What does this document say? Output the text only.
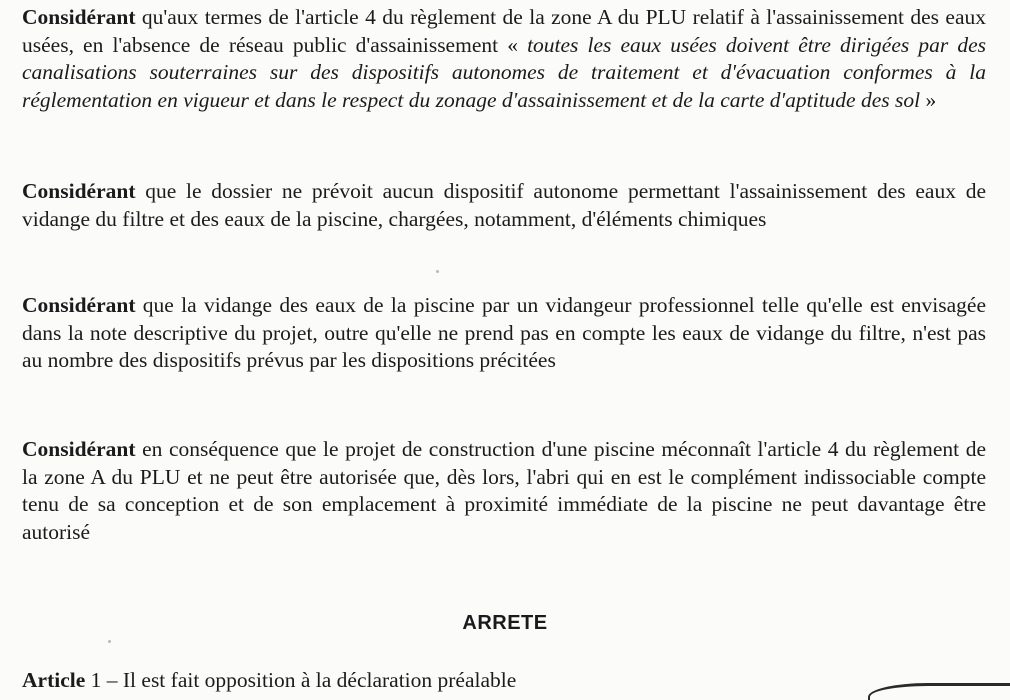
Considérant qu'aux termes de l'article 4 du règlement de la zone A du PLU relatif à l'assainissement des eaux usées, en l'absence de réseau public d'assainissement « toutes les eaux usées doivent être dirigées par des canalisations souterraines sur des dispositifs autonomes de traitement et d'évacuation conformes à la réglementation en vigueur et dans le respect du zonage d'assainissement et de la carte d'aptitude des sol »

Considérant que le dossier ne prévoit aucun dispositif autonome permettant l'assainissement des eaux de vidange du filtre et des eaux de la piscine, chargées, notamment, d'éléments chimiques

Considérant que la vidange des eaux de la piscine par un vidangeur professionnel telle qu'elle est envisagée dans la note descriptive du projet, outre qu'elle ne prend pas en compte les eaux de vidange du filtre, n'est pas au nombre des dispositifs prévus par les dispositions précitées

Considérant en conséquence que le projet de construction d'une piscine méconnaît l'article 4 du règlement de la zone A du PLU et ne peut être autorisée que, dès lors, l'abri qui en est le complément indissociable compte tenu de sa conception et de son emplacement à proximité immédiate de la piscine ne peut davantage être autorisé

ARRETE

Article 1 – Il est fait opposition à la déclaration préalable
